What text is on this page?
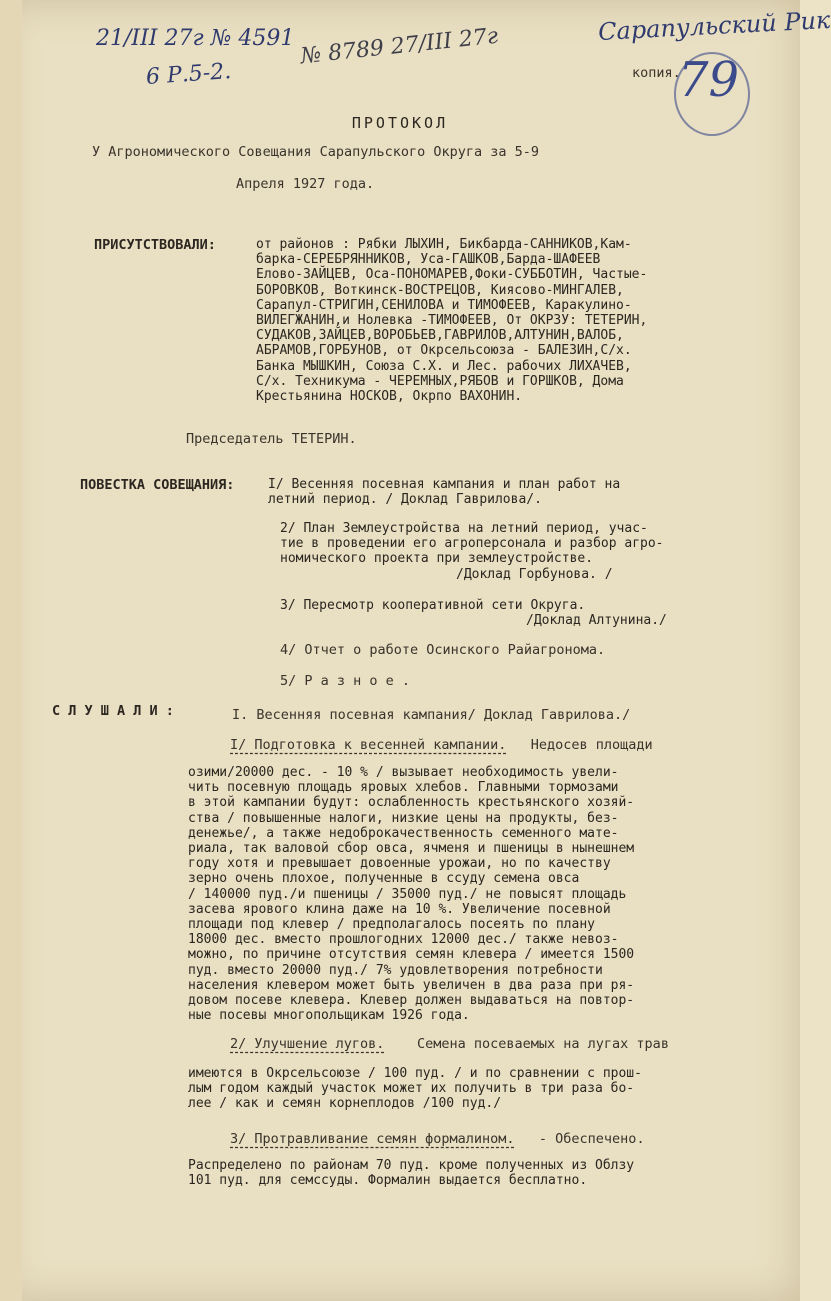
21/III 27г № 4591
6 Р.5-2.
№ 8789 27/III 27г	Сарапульский Рик
79
копия.
ПРОТОКОЛ
У Агрономического Совещания Сарапульского Округа за 5-9
Апреля 1927 года.
ПРИСУТСТВОВАЛИ:	от районов : Рябки ЛЫХИН, Бикбарда-САННИКОВ,Кам-
барка-СЕРЕБРЯННИКОВ, Уса-ГАШКОВ,Барда-ШАФЕЕВ
Елово-ЗАЙЦЕВ, Оса-ПОНОМАРЕВ,Фоки-СУББОТИН, Частые-
БОРОВКОВ, Воткинск-ВОСТРЕЦОВ, Киясово-МИНГАЛЕВ,
Сарапул-СТРИГИН,СЕНИЛОВА и ТИМОФЕЕВ, Каракулино-
ВИЛЕГЖАНИН,и Нолевка -ТИМОФЕЕВ, От ОКРЗУ: ТЕТЕРИН,
СУДАКОВ,ЗАЙЦЕВ,ВОРОБЬЕВ,ГАВРИЛОВ,АЛТУНИН,ВАЛОБ,
АБРАМОВ,ГОРБУНОВ, от Окрсельсоюза - БАЛЕЗИН,С/х.
Банка МЫШКИН, Союза С.Х. и Лес. рабочих ЛИХАЧЕВ,
С/х. Техникума - ЧЕРЕМНЫХ,РЯБОВ и ГОРШКОВ, Дома
Крестьянина НОСКОВ, Окрпо ВАХОНИН.
Председатель ТЕТЕРИН.
ПОВЕСТКА СОВЕЩАНИЯ:	I/ Весенняя посевная кампания и план работ на
летний период. / Доклад Гаврилова/.
2/ План Землеустройства на летний период, учас-
тие в проведении его агроперсонала и разбор агро-
номического проекта при землеустройстве.
/Доклад Горбунова. /
3/ Пересмотр кооперативной сети Округа.
/Доклад Алтунина./
4/ Отчет о работе Осинского Райагронома.
5/ Р а з н о е .
С Л У Ш А Л И :	I. Весенняя посевная кампания/ Доклад Гаврилова./
I/ Подготовка к весенней кампании. Недосев площади
озими/20000 дес. - 10 % / вызывает необходимость увели-
чить посевную площадь яровых хлебов. Главными тормозами
в этой кампании будут: ослабленность крестьянского хозяй-
ства / повышенные налоги, низкие цены на продукты, без-
денежье/, а также недоброкачественность семенного мате-
риала, так валовой сбор овса, ячменя и пшеницы в нынешнем
году хотя и превышает довоенные урожаи, но по качеству
зерно очень плохое, полученные в ссуду семена овса
/ 140000 пуд./и пшеницы / 35000 пуд./ не повысят площадь
засева ярового клина даже на 10 %. Увеличение посевной
площади под клевер / предполагалось посеять по плану
18000 дес. вместо прошлогодних 12000 дес./ также невоз-
можно, по причине отсутствия семян клевера / имеется 1500
пуд. вместо 20000 пуд./ 7% удовлетворения потребности
населения клевером может быть увеличен в два раза при ря-
довом посеве клевера. Клевер должен выдаваться на повтор-
ные посевы многопольщикам 1926 года.
2/ Улучшение лугов. Семена посеваемых на лугах трав
имеются в Окрсельсоюзе / 100 пуд. / и по сравнении с прош-
лым годом каждый участок может их получить в три раза бо-
лее / как и семян корнеплодов /100 пуд./
3/ Протравливание семян формалином. - Обеспечено.
Распределено по районам 70 пуд. кроме полученных из Облзу
101 пуд. для семссуды. Формалин выдается бесплатно.
